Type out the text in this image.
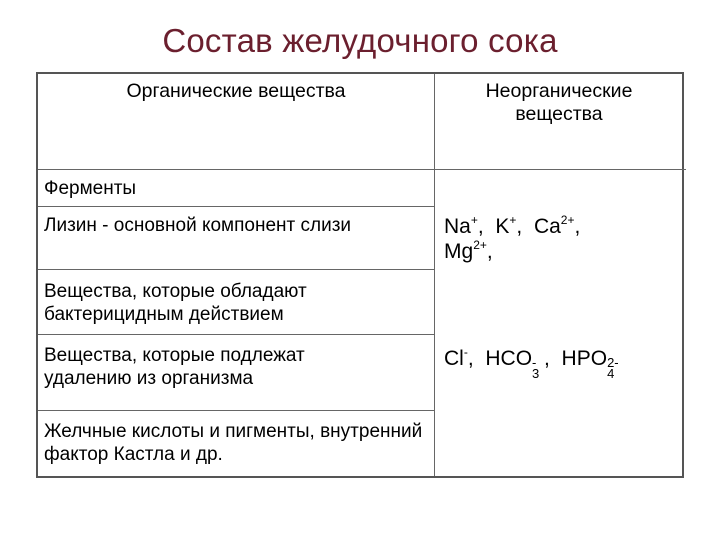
Состав желудочного сока
Органические вещества	Неорганические вещества
Ферменты
Лизин - основной компонент слизи
Вещества, которые обладают бактерицидным действием
Вещества, которые подлежат удалению из организма
Желчные кислоты и пигменты, внутренний фактор Кастла и др.
Na+,  K+,  $Ca^{2+}$,
$Mg^{2+}$,
Cl-,  HCO -
3
,  HPO 2-
4
